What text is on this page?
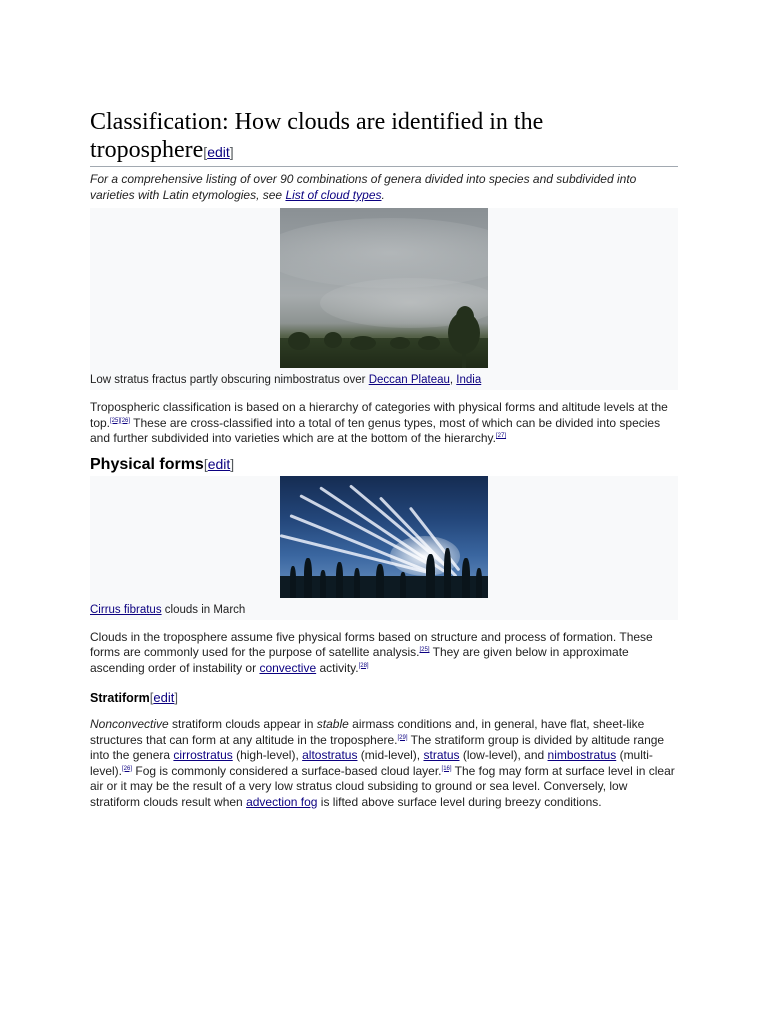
Classification: How clouds are identified in the troposphere[edit]
For a comprehensive listing of over 90 combinations of genera divided into species and subdivided into varieties with Latin etymologies, see List of cloud types.
Low stratus fractus partly obscuring nimbostratus over Deccan Plateau, India

Tropospheric classification is based on a hierarchy of categories with physical forms and altitude levels at the top.[25][26] These are cross-classified into a total of ten genus types, most of which can be divided into species and further subdivided into varieties which are at the bottom of the hierarchy.[27]

Physical forms[edit]
Cirrus fibratus clouds in March

Clouds in the troposphere assume five physical forms based on structure and process of formation. These forms are commonly used for the purpose of satellite analysis.[25] They are given below in approximate ascending order of instability or convective activity.[28]

Stratiform[edit]

Nonconvective stratiform clouds appear in stable airmass conditions and, in general, have flat, sheet-like structures that can form at any altitude in the troposphere.[29] The stratiform group is divided by altitude range into the genera cirrostratus (high-level), altostratus (mid-level), stratus (low-level), and nimbostratus (multi-level).[26] Fog is commonly considered a surface-based cloud layer.[16] The fog may form at surface level in clear air or it may be the result of a very low stratus cloud subsiding to ground or sea level. Conversely, low stratiform clouds result when advection fog is lifted above surface level during breezy conditions.
